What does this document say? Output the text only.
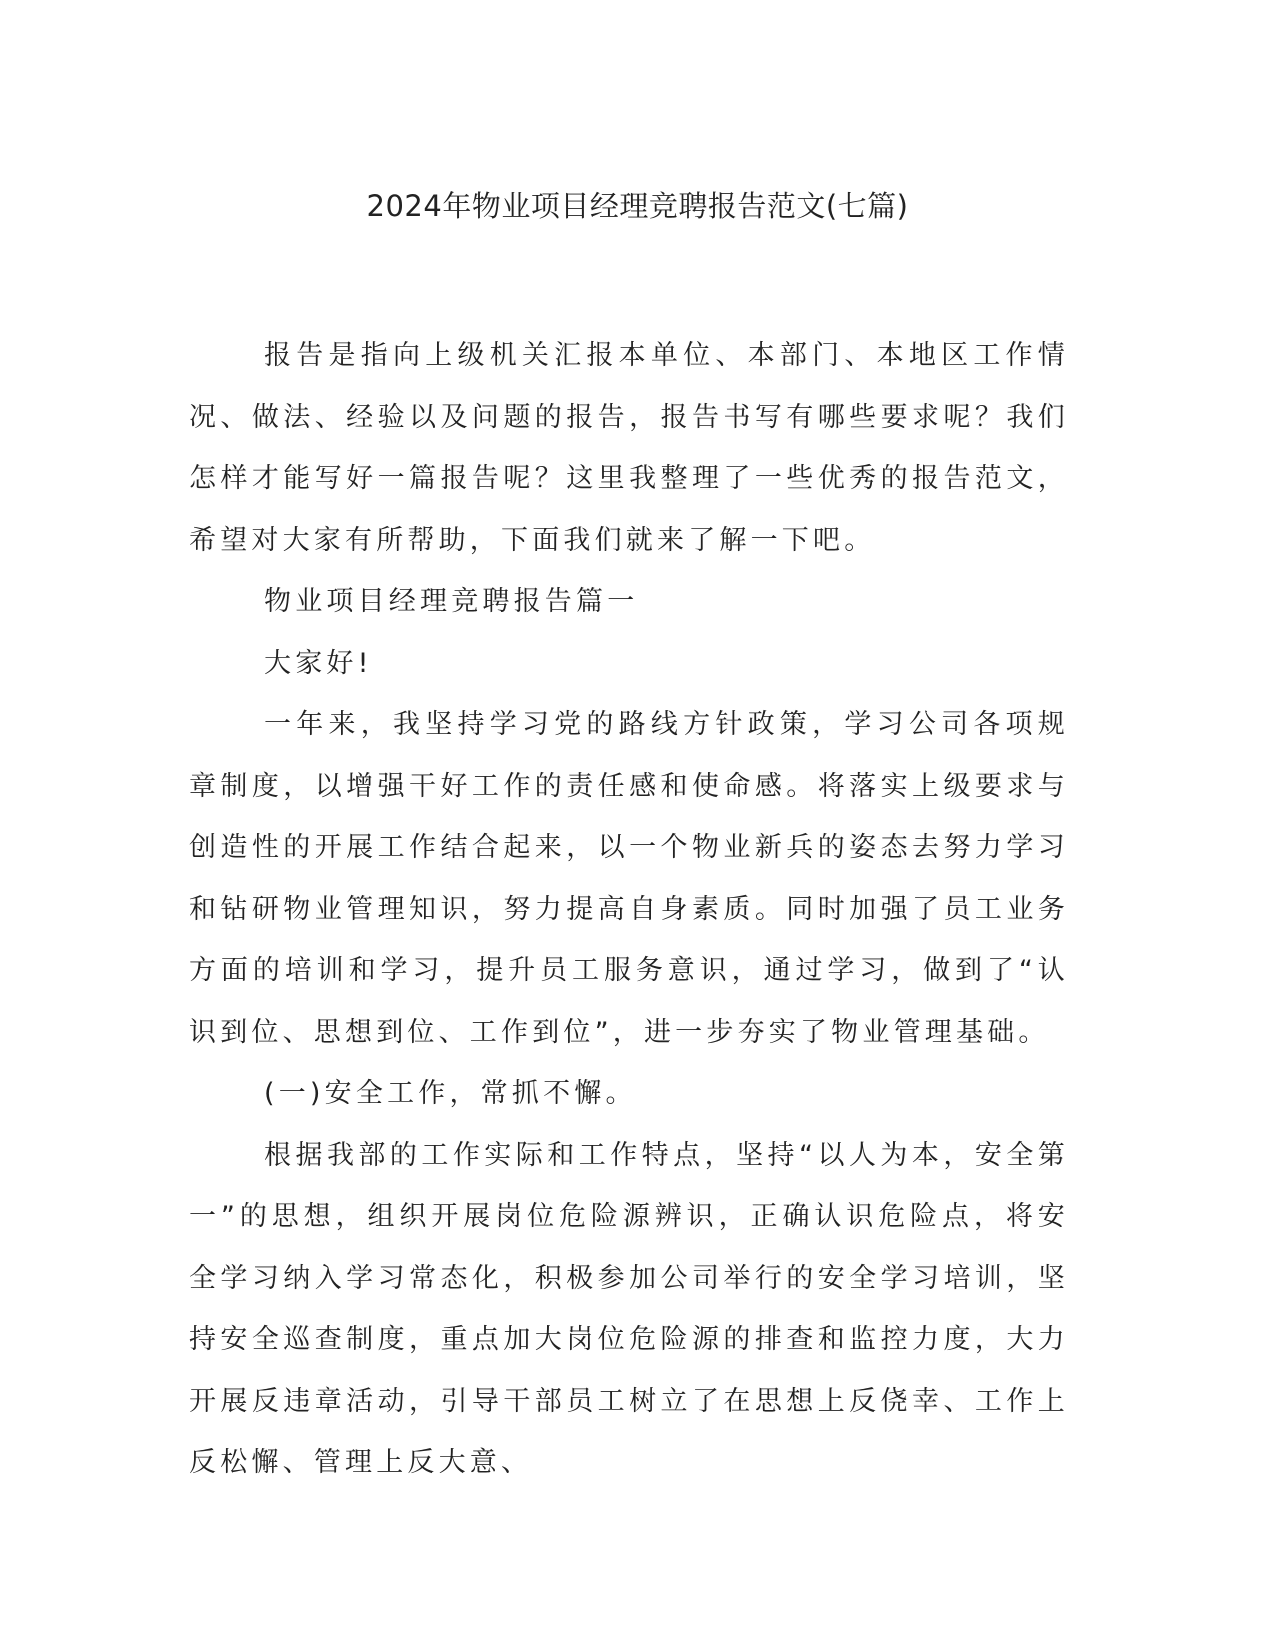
2024年物业项目经理竞聘报告范文(七篇)

报告是指向上级机关汇报本单位、本部门、本地区工作情况、做法、经验以及问题的报告，报告书写有哪些要求呢？我们怎样才能写好一篇报告呢？这里我整理了一些优秀的报告范文，希望对大家有所帮助，下面我们就来了解一下吧。

物业项目经理竞聘报告篇一

大家好!

一年来，我坚持学习党的路线方针政策，学习公司各项规章制度，以增强干好工作的责任感和使命感。将落实上级要求与创造性的开展工作结合起来，以一个物业新兵的姿态去努力学习和钻研物业管理知识，努力提高自身素质。同时加强了员工业务方面的培训和学习，提升员工服务意识，通过学习，做到了“认识到位、思想到位、工作到位”，进一步夯实了物业管理基础。

(一)安全工作，常抓不懈。

根据我部的工作实际和工作特点，坚持“以人为本，安全第一”的思想，组织开展岗位危险源辨识，正确认识危险点，将安全学习纳入学习常态化，积极参加公司举行的安全学习培训，坚持安全巡查制度，重点加大岗位危险源的排查和监控力度，大力开展反违章活动，引导干部员工树立了在思想上反侥幸、工作上反松懈、管理上反大意、
